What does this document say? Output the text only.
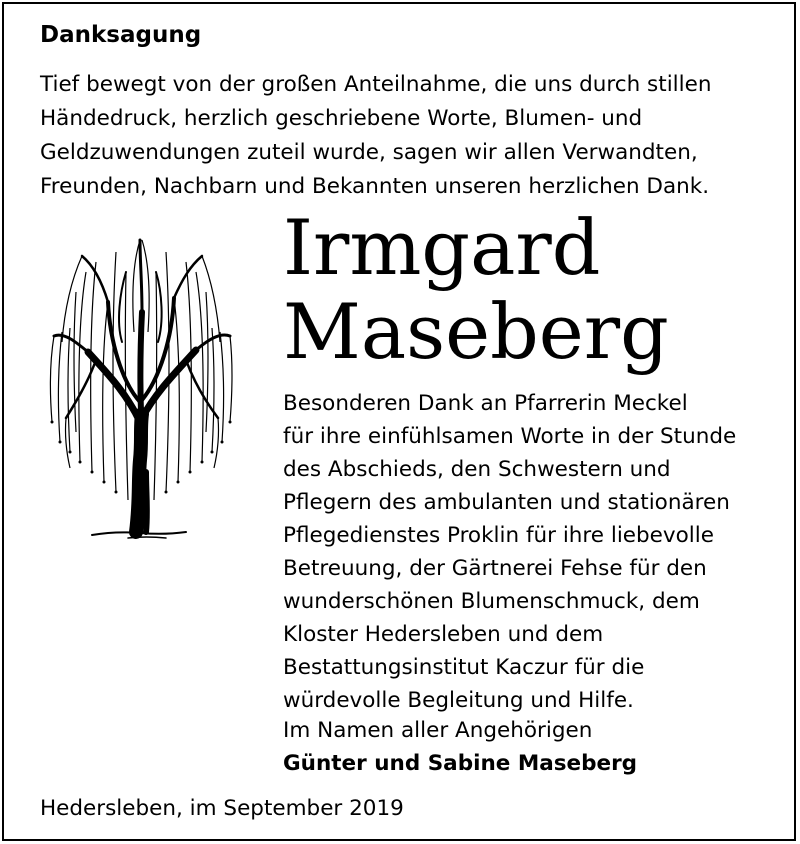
Danksagung
Tief bewegt von der großen Anteilnahme, die uns durch stillen
Händedruck, herzlich geschriebene Worte, Blumen- und
Geldzuwendungen zuteil wurde, sagen wir allen Verwandten,
Freunden, Nachbarn und Bekannten unseren herzlichen Dank.
Irmgard
Maseberg
Besonderen Dank an Pfarrerin Meckel
für ihre einfühlsamen Worte in der Stunde
des Abschieds, den Schwestern und
Pflegern des ambulanten und stationären
Pflegedienstes Proklin für ihre liebevolle
Betreuung, der Gärtnerei Fehse für den
wunderschönen Blumenschmuck, dem
Kloster Hedersleben und dem
Bestattungsinstitut Kaczur für die
würdevolle Begleitung und Hilfe.
Im Namen aller Angehörigen
Günter und Sabine Maseberg
Hedersleben, im September 2019
